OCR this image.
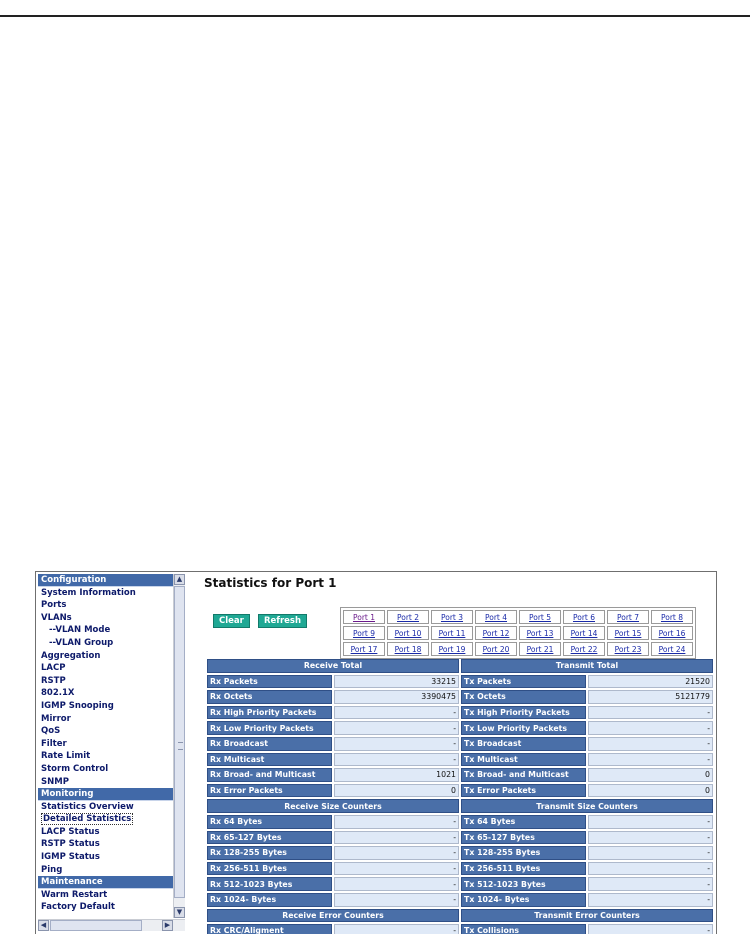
Configuration
System Information
Ports
VLANs
--VLAN Mode
--VLAN Group
Aggregation
LACP
RSTP
802.1X
IGMP Snooping
Mirror
QoS
Filter
Rate Limit
Storm Control
SNMP
Monitoring
Statistics Overview
Detailed Statistics
LACP Status
RSTP Status
IGMP Status
Ping
Maintenance
Warm Restart
Factory Default
▲
▼
◀	▶
Statistics for Port 1
Clear Refresh	Port 1	Port 2	Port 3	Port 4	Port 5	Port 6	Port 7	Port 8
Port 9	Port 10	Port 11	Port 12	Port 13	Port 14	Port 15	Port 16
Port 17	Port 18	Port 19	Port 20	Port 21	Port 22	Port 23	Port 24
Receive Total		Transmit Total	
Rx Packets	33215	Tx Packets	21520
Rx Octets	3390475	Tx Octets	5121779
Rx High Priority Packets	-	Tx High Priority Packets	-
Rx Low Priority Packets	-	Tx Low Priority Packets	-
Rx Broadcast	-	Tx Broadcast	-
Rx Multicast	-	Tx Multicast	-
Rx Broad- and Multicast	1021	Tx Broad- and Multicast	0
Rx Error Packets	0	Tx Error Packets	0
Receive Size Counters		Transmit Size Counters	
Rx 64 Bytes	-	Tx 64 Bytes	-
Rx 65-127 Bytes	-	Tx 65-127 Bytes	-
Rx 128-255 Bytes	-	Tx 128-255 Bytes	-
Rx 256-511 Bytes	-	Tx 256-511 Bytes	-
Rx 512-1023 Bytes	-	Tx 512-1023 Bytes	-
Rx 1024- Bytes	-	Tx 1024- Bytes	-
Receive Error Counters		Transmit Error Counters	
Rx CRC/Aligment	-	Tx Collisions	-
